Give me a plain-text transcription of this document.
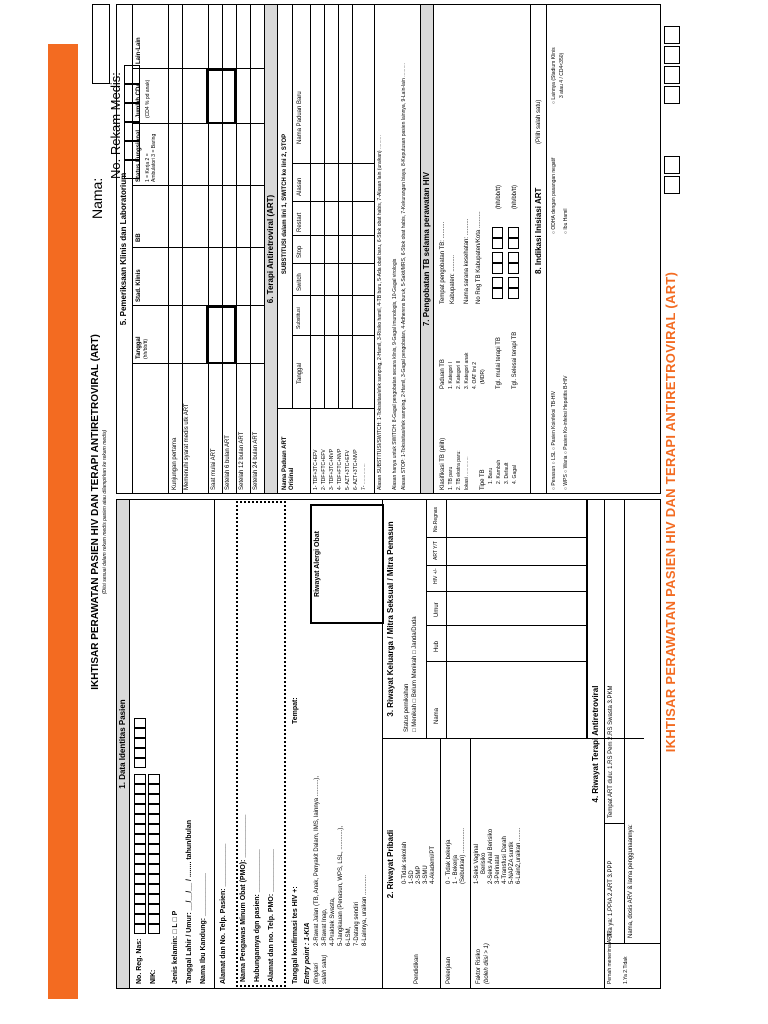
IKHTISAR PERAWATAN PASIEN HIV DAN TERAPI ANTIRETROVIRAL (ART) (Diisi sesuai dalam rekam medis pasien atau dilampirkan ke rekam medis)
Nama:
No. Rekam Medis:
1. Data Identitas Pasien
No. Reg. Nas: NIK: Jenis kelamin: □ L □ P Tanggal Lahir / Umur: __/__/__ / ........ tahun/bulan Nama Ibu Kandung: ___________ Alamat dan No. Telp. Pasien: ___________ Nama Pengawas Minum Obat (PMO): ___________ Hubungannya dgn pasien: ___________ Alamat dan no. Telp. PMO: ___________ Tanggal konfirmasi tes HIV +:
Tempat:
Entry point : 1-KIA (lingkari salah satu)
2-Rawat Jalan (TB, Anak, Penyakit Dalam, IMS, lainnya ..........), 3-Rawat Inap, 4-Praktek Swasta, 5-Jangkauan (Penasun, WPS, LSL, ............), 6-LSM, 7-Datang sendiri 8-Lainnya, uraikan ............
Riwayat Alergi Obat
2. Riwayat Pribadi
3. Riwayat Keluarga / Mitra Seksual / Mitra Penasun
Pendidikan
0-Tidak sekolah 1-SD 2-SMP 3-SMU 4-Akademi/PT
Pekerjaan
0 - Tidak bekerja 1 - Bekerja (Sebutkan) ...............
Faktor Risiko (boleh diisi > 1)
1-Seks Vaginal Berisiko 2-Seks Anal Berisiko 3-Perinatal 4-Transfusi Darah 5-NAPZA suntik 6-Lain2,uraikan ........
Status pernikahan □ Menikah □ Belum Menikah □ Janda/Duda	Nama
Hub
Umur
HIV +/-
ART Y/T
No.Regnas
4. Riwayat Terapi Antiretroviral
Pernah menerima ART? 1.Ya 2.Tidak
Jika ya: 1.PPIA 2.ART 3.PPP
Tempat ART dulu: 1.RS Pem 2.RS Swasta 3.PKM
Nama, dosis ARV & lama penggunaannya:
5. Pemeriksaan Klinis dan Laboratorium
Tanggal (hh/bb/tt)
Stad. Klinis
BB
Status Fungsional 1 = Kerja 2 = Ambulatori 3 = Baring
Jumlah CD4 (CD4 % pd anak)
Lain-Lain
Kunjungan pertama Memenuhi syarat medis utk ART	Saat mulai ART Setelah 6 bulan ART Setelah 12 bulan ART Setelah 24 bulan ART
6. Terapi Antiretroviral (ART)
Nama Paduan ART Orisinal
SUBSTITUSI dalam lini 1, SWITCH ke lini 2, STOP
Tanggal
Substitusi
Switch
Stop
Restart
Alasan
Nama Paduan Baru
1- TDF+3TC+EFV 2- TDF+FTC+EFV 3- TDF+3TC+NVP 4- TDF+FTC+NVP 5- AZT+3TC+EFV 6- AZT+3TC+NVP 7- ............... Alasan SUBSTITUSI/SWITCH: 1-Toksisitas/efek samping, 2-Hamil, 3-Risiko hamil, 4-TB baru, 5-Ada obat baru, 6-Stok obat habis, 7-Alasan lain (uraikan) .......... Alasan hanya untuk SWITCH: 8-Gagal pengobatan secara klinis, 9-Gagal imunologis, 10-Gagal virologis Alasan STOP: 1-Toksisitas/efek samping, 2-Hamil, 3-Gagal pengobatan, 4-Adherens buruk, 5-Sakit/MRS, 6-Stok obat habis, 7-Kekurangan biaya, 8-Keputusan pasien lainnya, 9-Lain-lain .......... 7. Pengobatan TB selama perawatan HIV
Klasifikasi TB (pilih) 1. TB paru 2. TB ekstra paru: lokasi .............. Tipe TB 1. Baru 2. Kambuh 3. Default 4. Gagal
Paduan TB 1. Kategori I 2. Kategori II 3. Kategori anak 4. OAT lini 2 (MDR)
Tempat pengobatan TB: .......... Kabupaten: .......... Nama sarana kesehatan: .......... No Reg TB Kabupaten/Kota ..........
Tgl. mulai terapi TB Tgl. Selesai terapi TB
(hh/bb/tt) (hh/bb/tt) 8. Indikasi Inisiasi ART
(Pilih salah satu)
○ Penasun ○ LSL ○ Pasien Koinfeksi TB-HIV ○ WPS ○ Waria ○ Pasien Ko-infeksi Hepatitis B-HIV
○ ODHA dengan pasangan negatif ○ Ibu Hamil
○ Lainnya (Stadium Klinis 3 atau 4 / CD4<350)
IKHTISAR PERAWATAN PASIEN HIV DAN TERAPI ANTIRETROVIRAL (ART)
